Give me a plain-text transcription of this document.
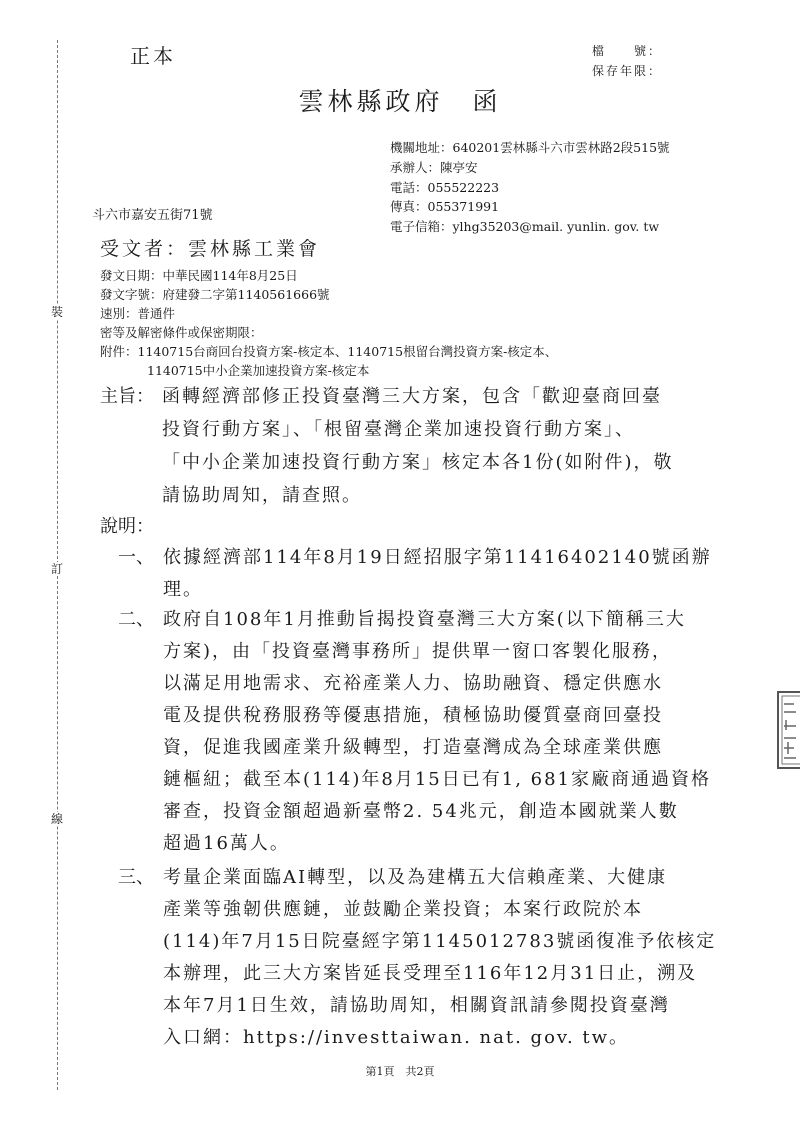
正本	檔　　號：
保存年限：
雲林縣政府　函
機關地址：640201雲林縣斗六市雲林路2段515號
承辦人：陳亭安
電話：055522223
傳真：055371991
電子信箱：ylhg35203@mail. yunlin. gov. tw
斗六市嘉安五街71號
受文者：雲林縣工業會
發文日期：中華民國114年8月25日
發文字號：府建發二字第1140561666號
速別：普通件
密等及解密條件或保密期限：
附件：1140715台商回台投資方案-核定本、1140715根留台灣投資方案-核定本、
1140715中小企業加速投資方案-核定本
裝
訂
線
主旨： 函轉經濟部修正投資臺灣三大方案，包含「歡迎臺商回臺
投資行動方案」、「根留臺灣企業加速投資行動方案」、
「中小企業加速投資行動方案」核定本各1份(如附件)，敬
請協助周知，請查照。
說明：
一、 依據經濟部114年8月19日經招服字第11416402140號函辦
理。
二、 政府自108年1月推動旨揭投資臺灣三大方案(以下簡稱三大
方案)，由「投資臺灣事務所」提供單一窗口客製化服務，
以滿足用地需求、充裕產業人力、協助融資、穩定供應水
電及提供稅務服務等優惠措施，積極協助優質臺商回臺投
資，促進我國產業升級轉型，打造臺灣成為全球產業供應
鏈樞紐；截至本(114)年8月15日已有1, 681家廠商通過資格
審查，投資金額超過新臺幣2. 54兆元，創造本國就業人數
超過16萬人。
三、 考量企業面臨AI轉型，以及為建構五大信賴產業、大健康
產業等強韌供應鏈，並鼓勵企業投資；本案行政院於本
(114)年7月15日院臺經字第1145012783號函復准予依核定
本辦理，此三大方案皆延長受理至116年12月31日止，溯及
本年7月1日生效，請協助周知，相關資訊請參閱投資臺灣
入口網：https://investtaiwan. nat. gov. tw。
第1頁　共2頁
